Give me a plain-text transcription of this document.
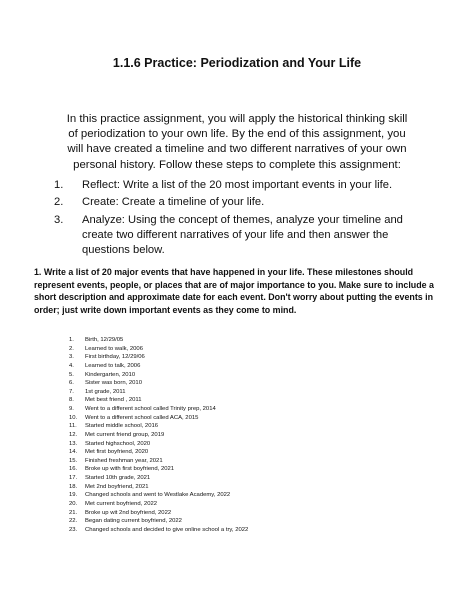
1.1.6 Practice: Periodization and Your Life
In this practice assignment, you will apply the historical thinking skill of periodization to your own life. By the end of this assignment, you will have created a timeline and two different narratives of your own personal history. Follow these steps to complete this assignment:
1. Reflect: Write a list of the 20 most important events in your life.
2. Create: Create a timeline of your life.
3. Analyze: Using the concept of themes, analyze your timeline and create two different narratives of your life and then answer the questions below.
1. Write a list of 20 major events that have happened in your life. These milestones should represent events, people, or places that are of major importance to you. Make sure to include a short description and approximate date for each event. Don't worry about putting the events in order; just write down important events as they come to mind.
1. Birth, 12/29/05
2. Learned to walk, 2006
3. First birthday, 12/29/06
4. Learned to talk, 2006
5. Kindergarten, 2010
6. Sister was born, 2010
7. 1st grade, 2011
8. Met best friend , 2011
9. Went to a different school called Trinity prep, 2014
10. Went to a different school called ACA, 2015
11. Started middle school, 2016
12. Met current friend group, 2019
13. Started highschool, 2020
14. Met first boyfriend, 2020
15. Finished freshman year, 2021
16. Broke up with first boyfriend, 2021
17. Started 10th grade, 2021
18. Met 2nd boyfriend, 2021
19. Changed schools and went to Westlake Academy, 2022
20. Met current boyfriend, 2022
21. Broke up wit 2nd boyfriend, 2022
22. Began dating current boyfriend, 2022
23. Changed schools and decided to give online school a try, 2022
